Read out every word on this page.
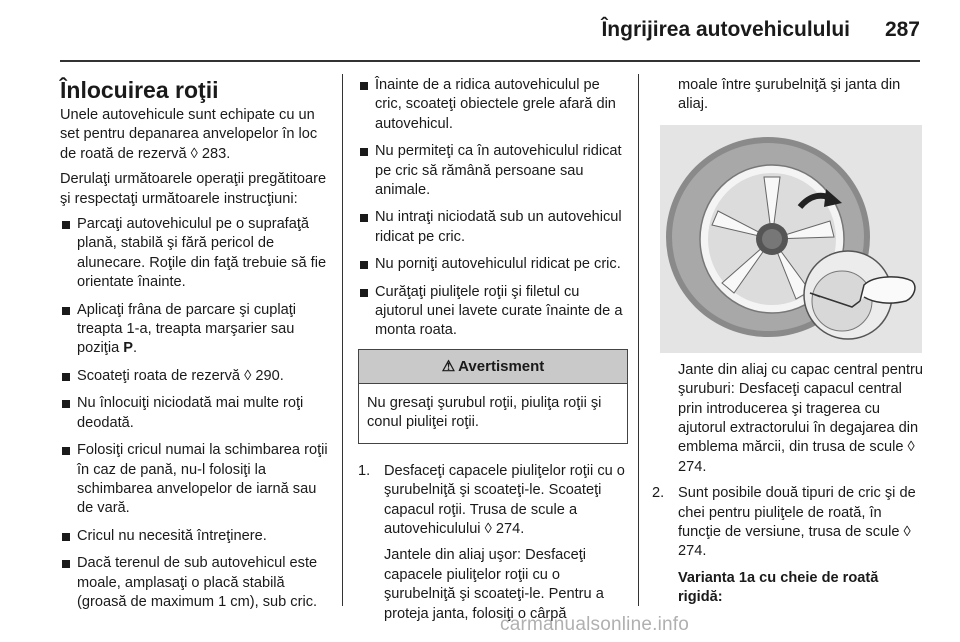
Îngrijirea autovehiculului 287
Înlocuirea roţii

Unele autovehicule sunt echipate cu un set pentru depanarea anvelopelor în loc de roată de rezervă ◊ 283.

Derulaţi următoarele operaţii pregătitoare şi respectaţi următoarele instrucţiuni:

Parcaţi autovehiculul pe o suprafaţă plană, stabilă şi fără pericol de alunecare. Roţile din faţă trebuie să fie orientate înainte.
Aplicaţi frâna de parcare şi cuplaţi treapta 1-a, treapta marşarier sau poziţia P.
Scoateţi roata de rezervă ◊ 290.
Nu înlocuiţi niciodată mai multe roţi deodată.
Folosiţi cricul numai la schimbarea roţii în caz de pană, nu-l folosiţi la schimbarea anvelopelor de iarnă sau de vară.
Cricul nu necesită întreţinere.
Dacă terenul de sub autovehicul este moale, amplasaţi o placă stabilă (groasă de maximum 1 cm), sub cric.
Înainte de a ridica autovehiculul pe cric, scoateţi obiectele grele afară din autovehicul.
Nu permiteţi ca în autovehiculul ridicat pe cric să rămână persoane sau animale.
Nu intraţi niciodată sub un autovehicul ridicat pe cric.
Nu porniţi autovehiculul ridicat pe cric.
Curăţaţi piuliţele roţii şi filetul cu ajutorul unei lavete curate înainte de a monta roata.
⚠ Avertisment
Nu gresaţi şurubul roţii, piuliţa roţii şi conul piuliţei roţii.
1. Desfaceţi capacele piuliţelor roţii cu o şurubelniţă şi scoateţi-le. Scoateţi capacul roţii. Trusa de scule a autovehiculului ◊ 274.
Jantele din aliaj uşor: Desfaceţi capacele piuliţelor roţii cu o şurubelniţă şi scoateţi-le. Pentru a proteja janta, folosiţi o cârpă
moale între şurubelniţă şi janta din aliaj.
Jante din aliaj cu capac central pentru şuruburi: Desfaceţi capacul central prin introducerea şi tragerea cu ajutorul extractorului în degajarea din emblema mărcii, din trusa de scule ◊ 274.
2. Sunt posibile două tipuri de cric şi de chei pentru piuliţele de roată, în funcţie de versiune, trusa de scule ◊ 274.
Varianta 1a cu cheie de roată rigidă:
carmanualsonline.info
